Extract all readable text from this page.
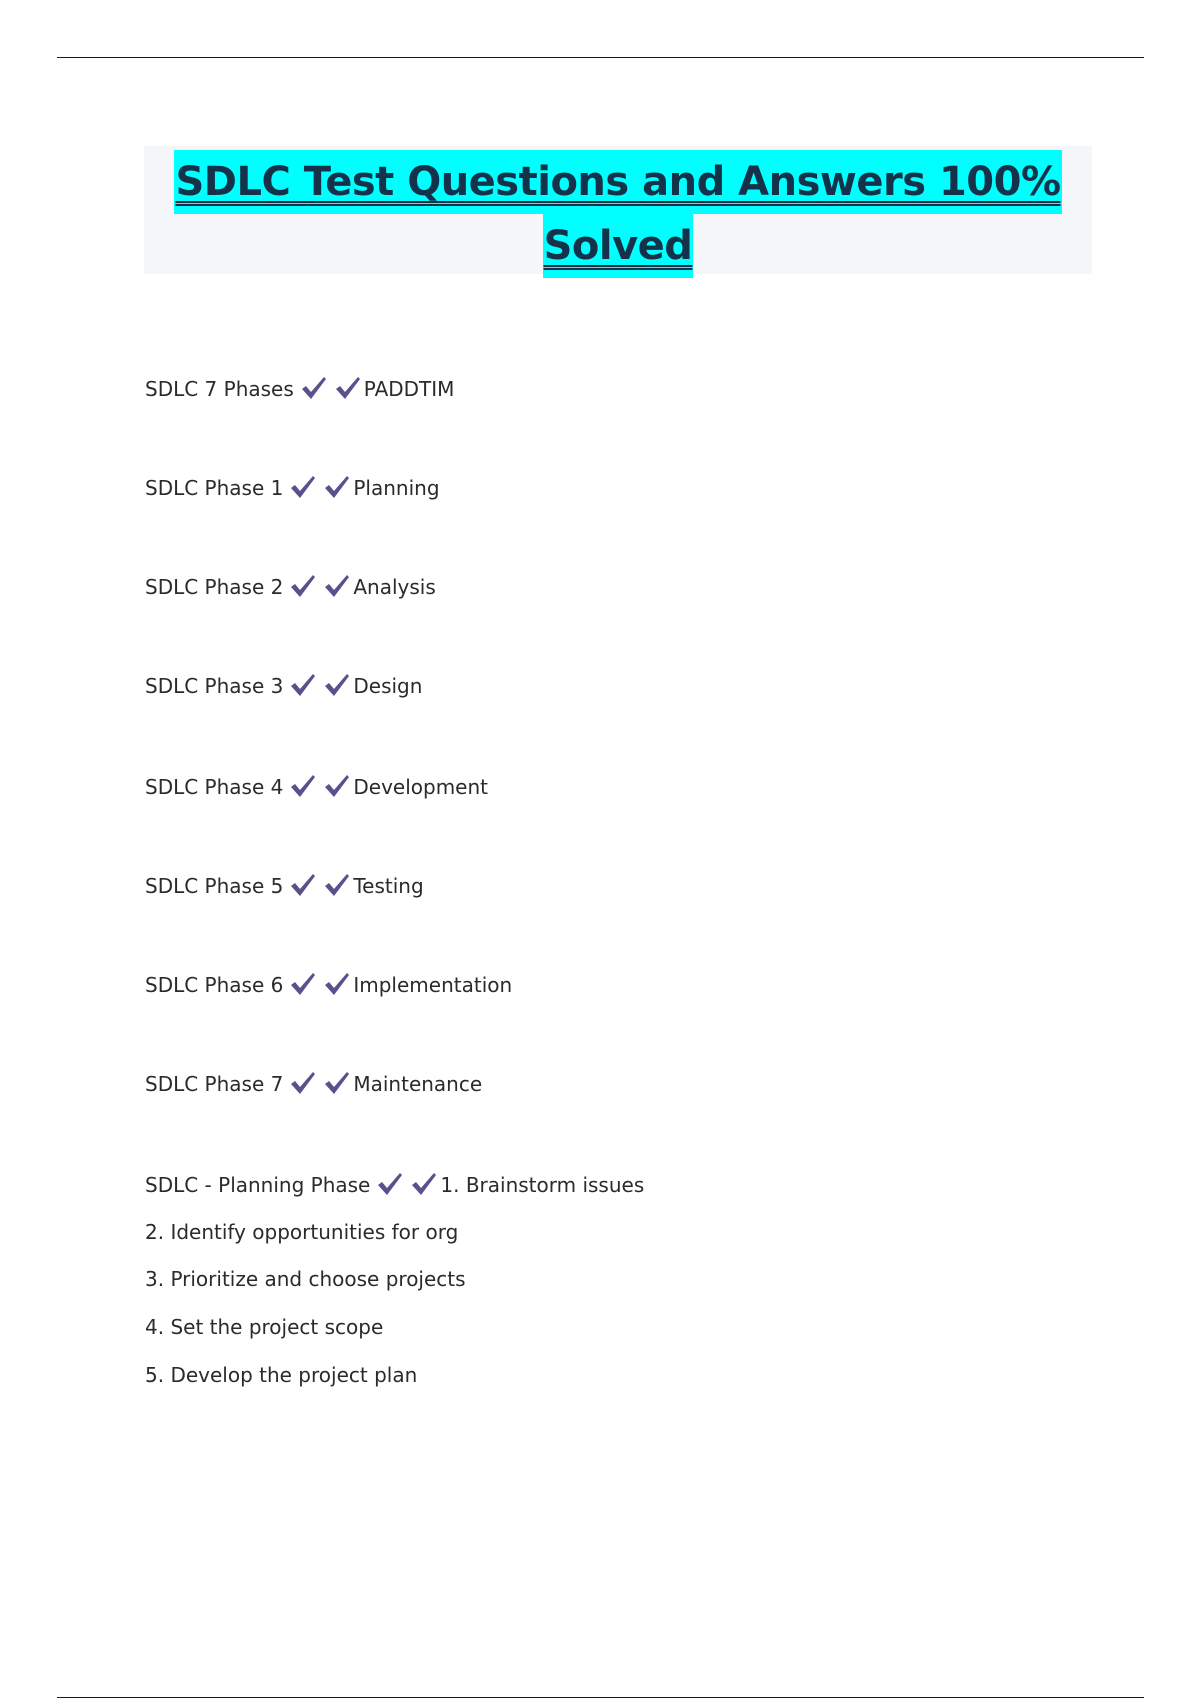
SDLC Test Questions and Answers 100%
Solved
SDLC 7 Phases	PADDTIM
SDLC Phase 1	Planning
SDLC Phase 2	Analysis
SDLC Phase 3	Design
SDLC Phase 4	Development
SDLC Phase 5	Testing
SDLC Phase 6	Implementation
SDLC Phase 7	Maintenance
SDLC - Planning Phase	1. Brainstorm issues
2. Identify opportunities for org
3. Prioritize and choose projects
4. Set the project scope
5. Develop the project plan
